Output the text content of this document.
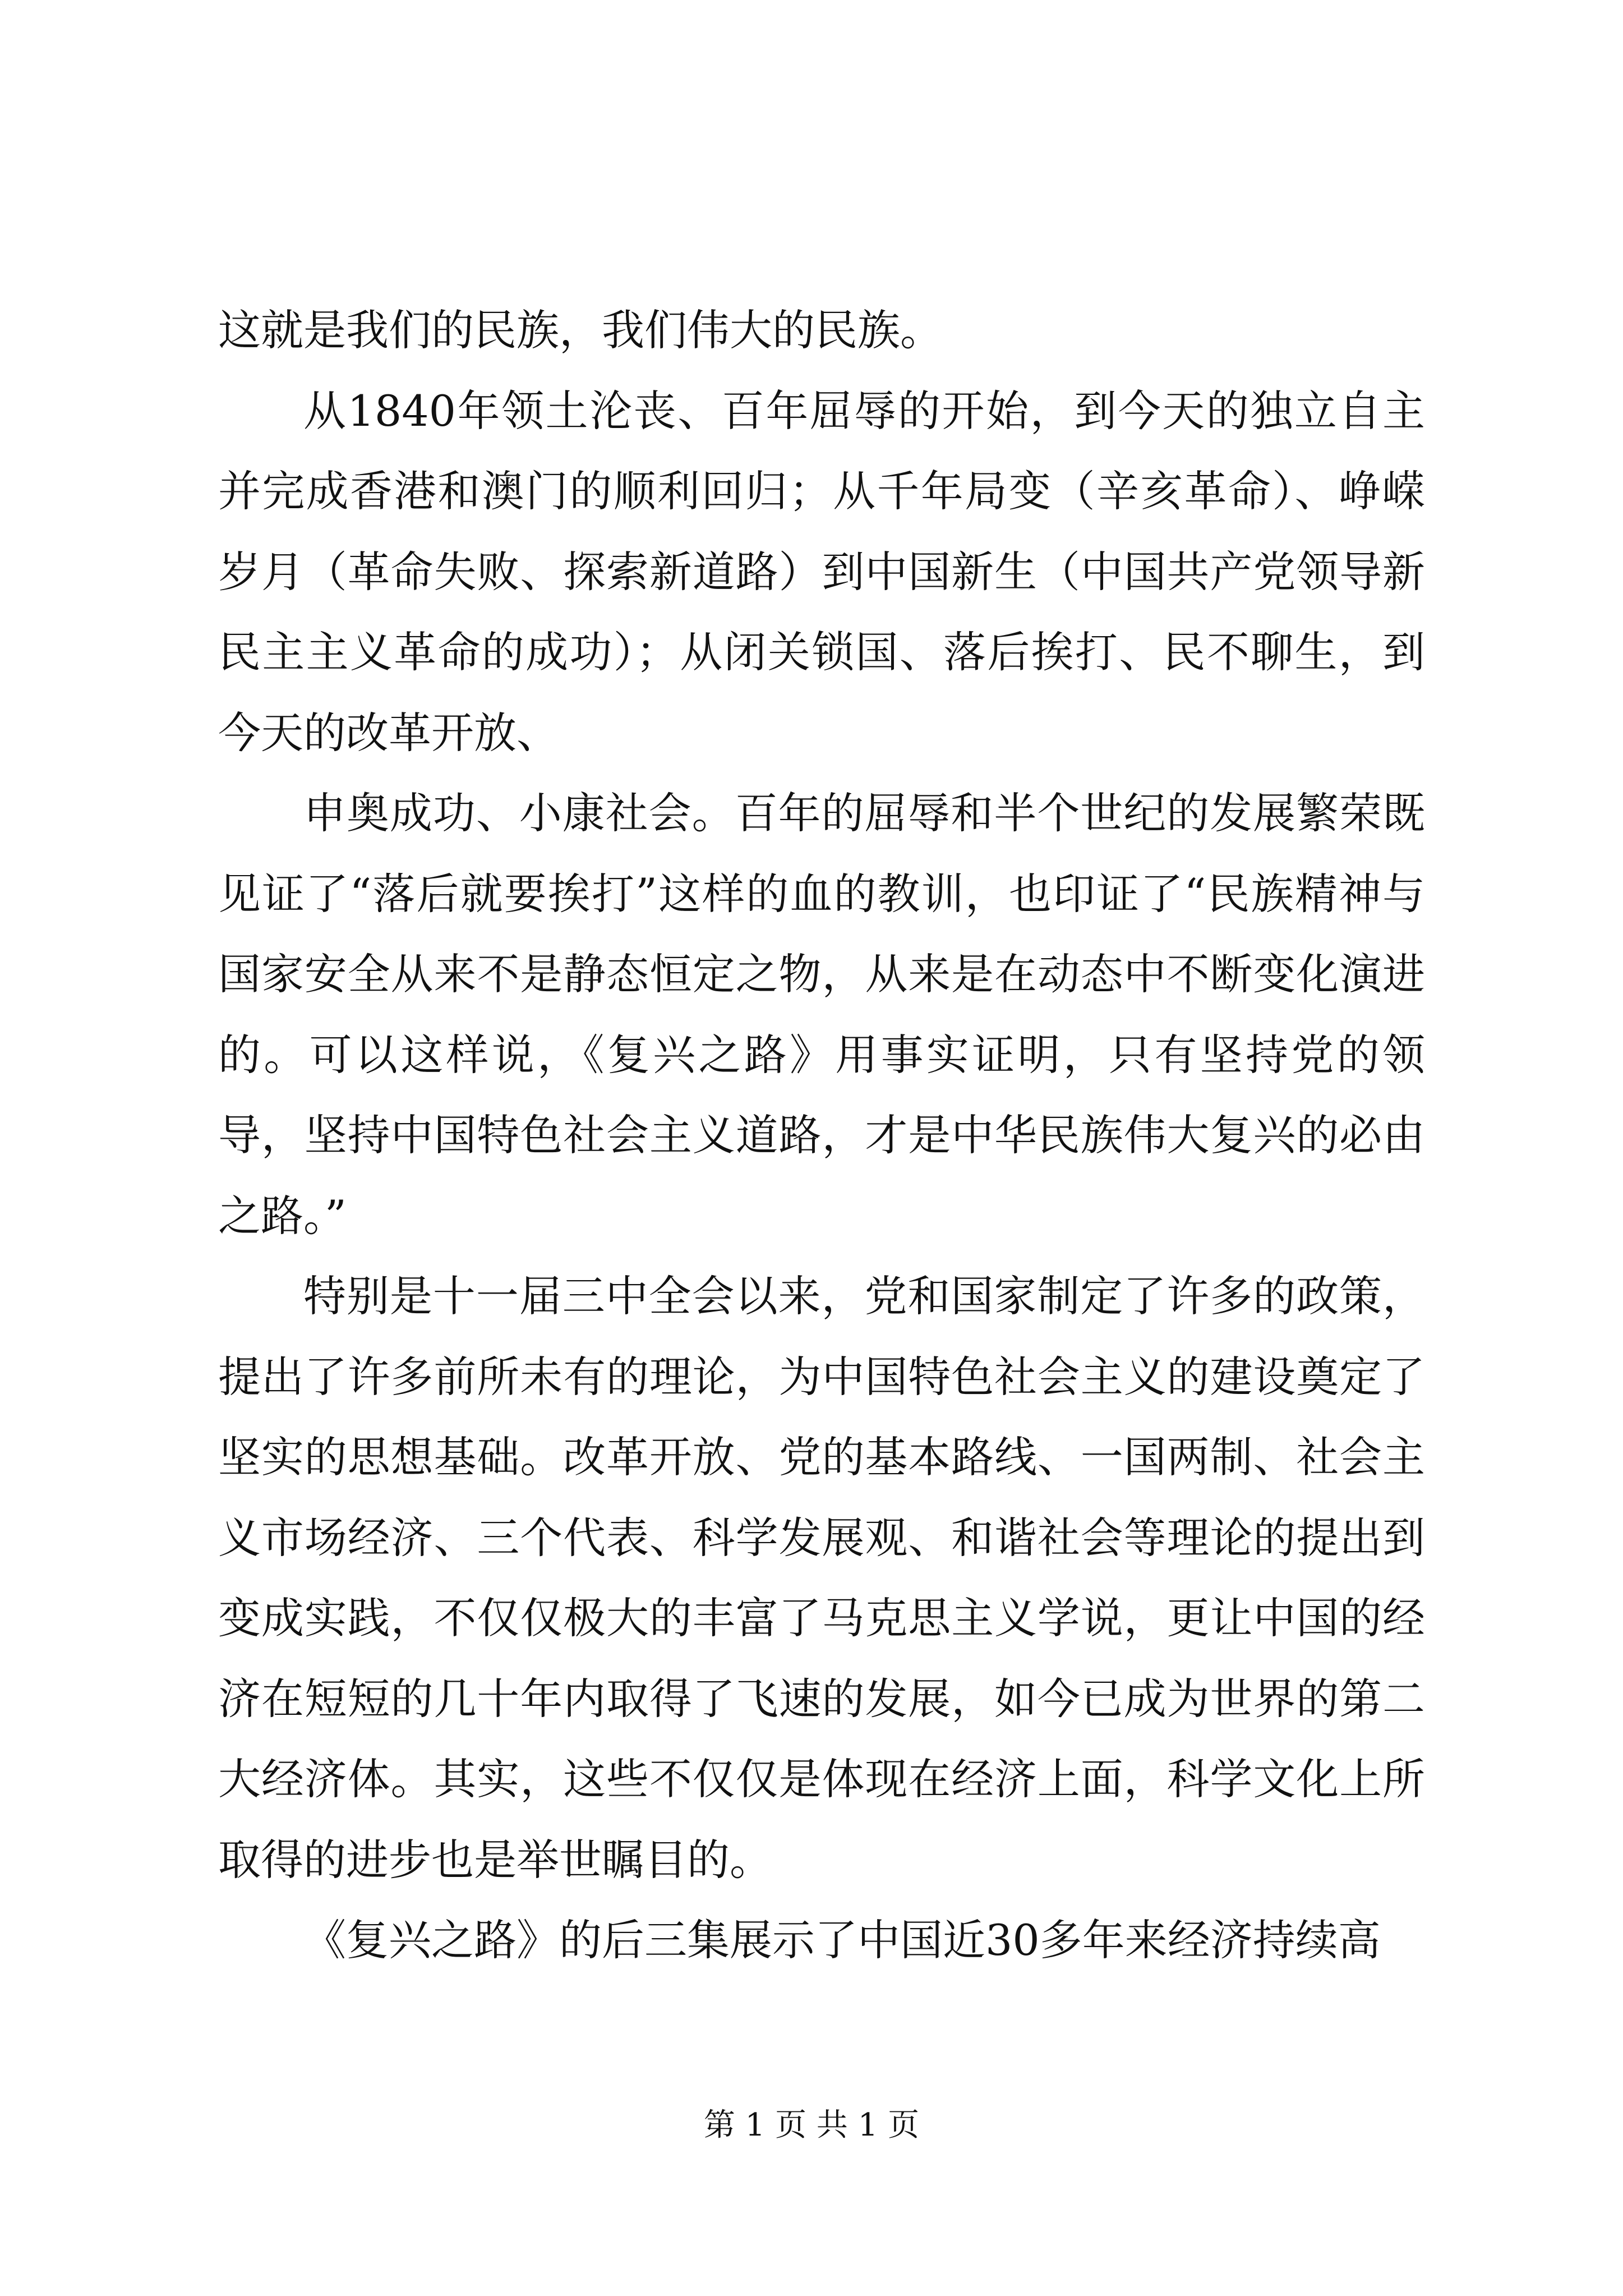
这就是我们的民族，我们伟大的民族。

从1840年领土沦丧、百年屈辱的开始，到今天的独立自主并完成香港和澳门的顺利回归；从千年局变（辛亥革命）、峥嵘岁月（革命失败、探索新道路）到中国新生（中国共产党领导新民主主义革命的成功）；从闭关锁国、落后挨打、民不聊生，到今天的改革开放、

申奥成功、小康社会。百年的屈辱和半个世纪的发展繁荣既见证了“落后就要挨打”这样的血的教训，也印证了“民族精神与国家安全从来不是静态恒定之物，从来是在动态中不断变化演进的。可以这样说，《复兴之路》用事实证明，只有坚持党的领导，坚持中国特色社会主义道路，才是中华民族伟大复兴的必由之路。”

特别是十一届三中全会以来，党和国家制定了许多的政策，提出了许多前所未有的理论，为中国特色社会主义的建设奠定了坚实的思想基础。改革开放、党的基本路线、一国两制、社会主义市场经济、三个代表、科学发展观、和谐社会等理论的提出到变成实践，不仅仅极大的丰富了马克思主义学说，更让中国的经济在短短的几十年内取得了飞速的发展，如今已成为世界的第二大经济体。其实，这些不仅仅是体现在经济上面，科学文化上所取得的进步也是举世瞩目的。

《复兴之路》的后三集展示了中国近30多年来经济持续高

第 1 页 共 1 页
